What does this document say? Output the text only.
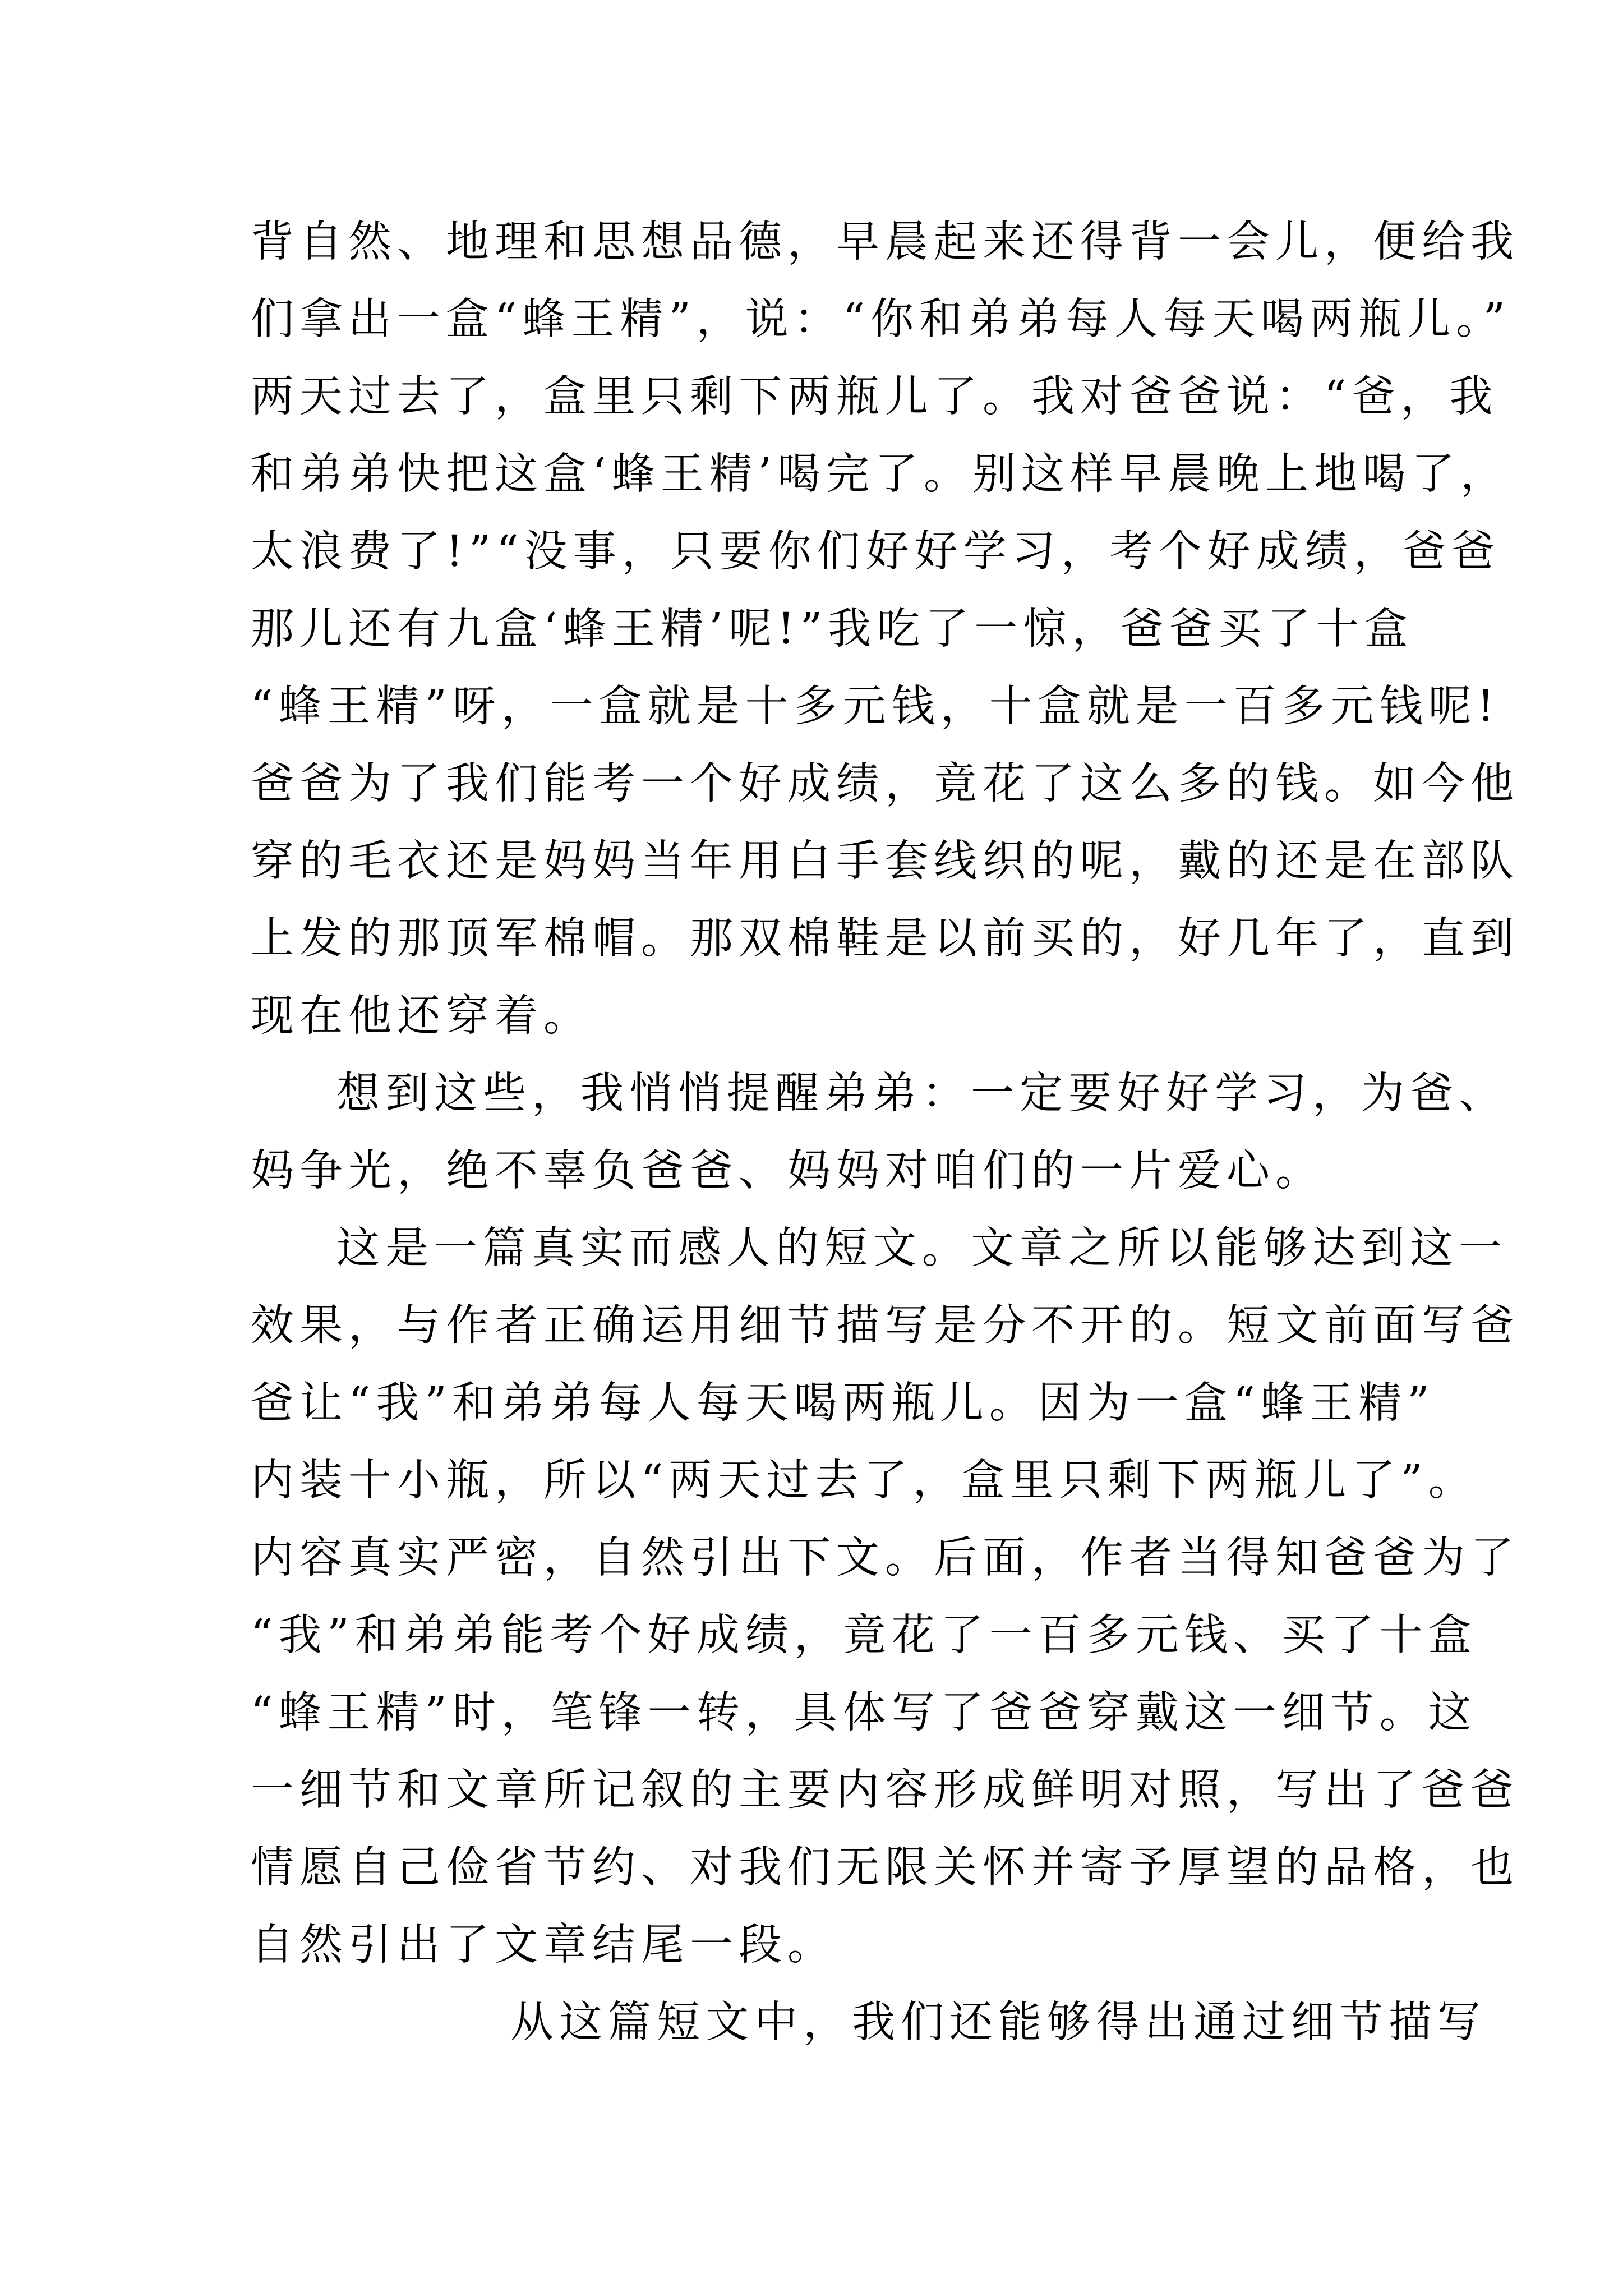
背自然、地理和思想品德，早晨起来还得背一会儿，便给我
们拿出一盒“蜂王精”，说：“你和弟弟每人每天喝两瓶儿。”
两天过去了，盒里只剩下两瓶儿了。我对爸爸说：“爸，我
和弟弟快把这盒‘蜂王精’喝完了。别这样早晨晚上地喝了，
太浪费了!”“没事，只要你们好好学习，考个好成绩，爸爸
那儿还有九盒‘蜂王精’呢!”我吃了一惊，爸爸买了十盒
“蜂王精”呀，一盒就是十多元钱，十盒就是一百多元钱呢!
爸爸为了我们能考一个好成绩，竟花了这么多的钱。如今他
穿的毛衣还是妈妈当年用白手套线织的呢，戴的还是在部队
上发的那顶军棉帽。那双棉鞋是以前买的，好几年了，直到
现在他还穿着。
想到这些，我悄悄提醒弟弟：一定要好好学习，为爸、
妈争光，绝不辜负爸爸、妈妈对咱们的一片爱心。
这是一篇真实而感人的短文。文章之所以能够达到这一
效果，与作者正确运用细节描写是分不开的。短文前面写爸
爸让“我”和弟弟每人每天喝两瓶儿。因为一盒“蜂王精”
内装十小瓶，所以“两天过去了，盒里只剩下两瓶儿了”。
内容真实严密，自然引出下文。后面，作者当得知爸爸为了
“我”和弟弟能考个好成绩，竟花了一百多元钱、买了十盒
“蜂王精”时，笔锋一转，具体写了爸爸穿戴这一细节。这
一细节和文章所记叙的主要内容形成鲜明对照，写出了爸爸
情愿自己俭省节约、对我们无限关怀并寄予厚望的品格，也
自然引出了文章结尾一段。
从这篇短文中，我们还能够得出通过细节描写
